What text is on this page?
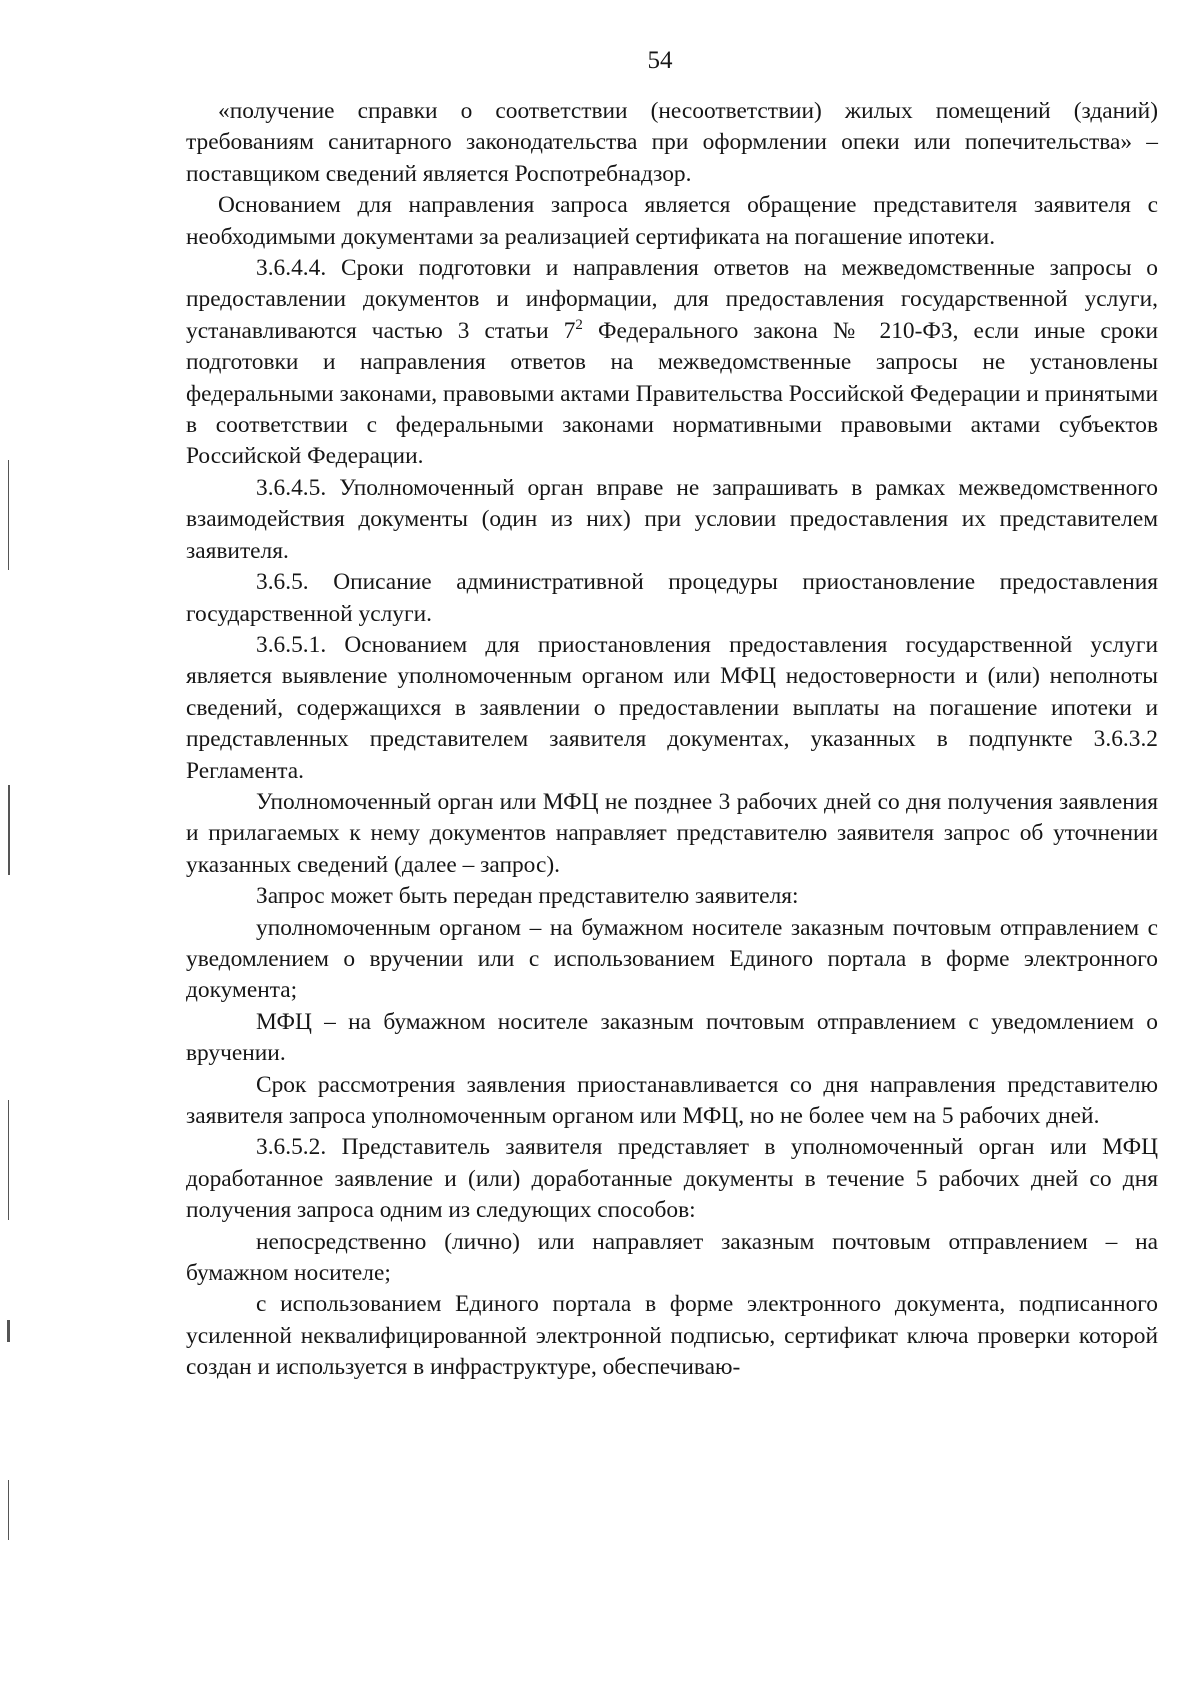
54

«получение справки о соответствии (несоответствии) жилых помещений (зданий) требованиям санитарного законодательства при оформлении опеки или попечительства» – поставщиком сведений является Роспотребнадзор.

Основанием для направления запроса является обращение представителя заявителя с необходимыми документами за реализацией сертификата на погашение ипотеки.

3.6.4.4. Сроки подготовки и направления ответов на межведомственные запросы о предоставлении документов и информации, для предоставления государственной услуги, устанавливаются частью 3 статьи $7^2$ Федерального закона № 210-ФЗ, если иные сроки подготовки и направления ответов на межведомственные запросы не установлены федеральными законами, правовыми актами Правительства Российской Федерации и принятыми в соответствии с федеральными законами нормативными правовыми актами субъектов Российской Федерации.

3.6.4.5. Уполномоченный орган вправе не запрашивать в рамках межведомственного взаимодействия документы (один из них) при условии предоставления их представителем заявителя.

3.6.5. Описание административной процедуры приостановление предоставления государственной услуги.

3.6.5.1. Основанием для приостановления предоставления государственной услуги является выявление уполномоченным органом или МФЦ недостоверности и (или) неполноты сведений, содержащихся в заявлении о предоставлении выплаты на погашение ипотеки и представленных представителем заявителя документах, указанных в подпункте 3.6.3.2 Регламента.

Уполномоченный орган или МФЦ не позднее 3 рабочих дней со дня получения заявления и прилагаемых к нему документов направляет представителю заявителя запрос об уточнении указанных сведений (далее – запрос).

Запрос может быть передан представителю заявителя:

уполномоченным органом – на бумажном носителе заказным почтовым отправлением с уведомлением о вручении или с использованием Единого портала в форме электронного документа;

МФЦ – на бумажном носителе заказным почтовым отправлением с уведомлением о вручении.

Срок рассмотрения заявления приостанавливается со дня направления представителю заявителя запроса уполномоченным органом или МФЦ, но не более чем на 5 рабочих дней.

3.6.5.2. Представитель заявителя представляет в уполномоченный орган или МФЦ доработанное заявление и (или) доработанные документы в течение 5 рабочих дней со дня получения запроса одним из следующих способов:

непосредственно (лично) или направляет заказным почтовым отправлением – на бумажном носителе;

с использованием Единого портала в форме электронного документа, подписанного усиленной неквалифицированной электронной подписью, сертификат ключа проверки которой создан и используется в инфраструктуре, обеспечиваю-
